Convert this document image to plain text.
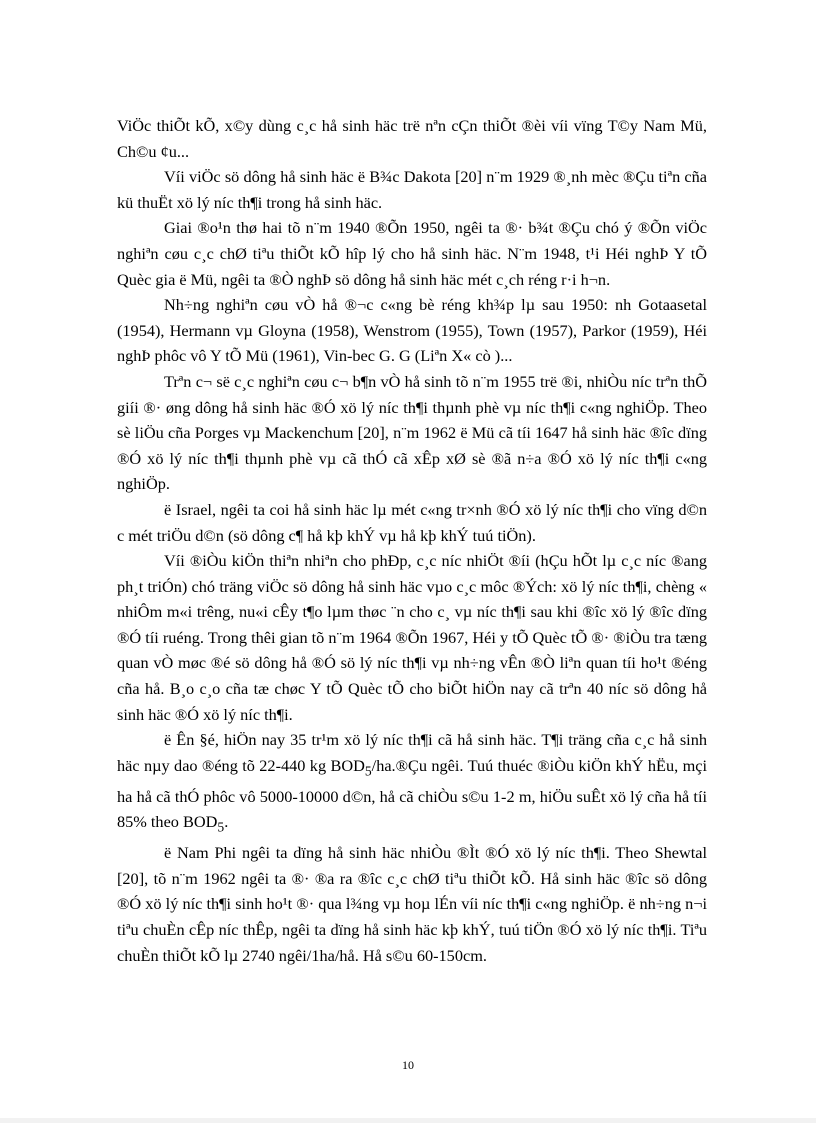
ViÖc thiÕt kÕ, x©y dùng c¸c hå sinh häc trë nªn cÇn thiÕt ®èi víi vïng T©y Nam Mü, Ch©u ¢u...

Víi viÖc sö dông hå sinh häc ë B¾c Dakota [20] n¨m 1929 ®¸nh mèc ®Çu tiªn cña kü thuËt xö lý níc th¶i trong hå sinh häc.

Giai ®o¹n thø hai tõ n¨m 1940 ®Õn 1950, ngêi ta ®· b¾t ®Çu chó ý ®Õn viÖc nghiªn cøu c¸c chØ tiªu thiÕt kÕ hîp lý cho hå sinh häc. N¨m 1948, t¹i Héi nghÞ Y tÕ Quèc gia ë Mü, ngêi ta ®Ò nghÞ sö dông hå sinh häc mét c¸ch réng r·i h¬n.

Nh÷ng nghiªn cøu vÒ hå ®¬c c«ng bè réng kh¾p lµ sau 1950: nh Gotaasetal (1954), Hermann vµ Gloyna (1958), Wenstrom (1955), Town (1957), Parkor (1959), Héi nghÞ phôc vô Y tÕ Mü (1961), Vin-bec G. G (Liªn X« cò )...

Trªn c¬ së c¸c nghiªn cøu c¬ b¶n vÒ hå sinh tõ n¨m 1955 trë ®i, nhiÒu níc trªn thÕ giíi ®· øng dông hå sinh häc ®Ó xö lý níc th¶i thµnh phè vµ níc th¶i c«ng nghiÖp. Theo sè liÖu cña Porges vµ Mackenchum [20], n¨m 1962 ë Mü cã tíi 1647 hå sinh häc ®îc dïng ®Ó xö lý níc th¶i thµnh phè vµ cã thÓ cã xÊp xØ sè ®ã n÷a ®Ó xö lý níc th¶i c«ng nghiÖp.

ë Israel, ngêi ta coi hå sinh häc lµ mét c«ng tr×nh ®Ó xö lý níc th¶i cho vïng d©n c mét triÖu d©n (sö dông c¶ hå kþ khÝ vµ hå kþ khÝ tuú tiÖn).

Víi ®iÒu kiÖn thiªn nhiªn cho phÐp, c¸c níc nhiÖt ®íi (hÇu hÕt lµ c¸c níc ®ang ph¸t triÓn) chó träng viÖc sö dông hå sinh häc vµo c¸c môc ®Ých: xö lý níc th¶i, chèng « nhiÔm m«i trêng, nu«i cÊy t¶o lµm thøc ¨n cho c¸ vµ níc th¶i sau khi ®îc xö lý ®îc dïng ®Ó tíi ruéng. Trong thêi gian tõ n¨m 1964 ®Õn 1967, Héi y tÕ Quèc tÕ ®· ®iÒu tra tæng quan vÒ møc ®é sö dông hå ®Ó sö lý níc th¶i vµ nh÷ng vÊn ®Ò liªn quan tíi ho¹t ®éng cña hå. B¸o c¸o cña tæ chøc Y tÕ Quèc tÕ cho biÕt hiÖn nay cã trªn 40 níc sö dông hå sinh häc ®Ó xö lý níc th¶i.

ë Ên §é, hiÖn nay 35 tr¹m xö lý níc th¶i cã hå sinh häc. T¶i träng cña c¸c hå sinh häc nµy dao ®éng tõ 22-440 kg $BOD_5/ha.®Çu$ ngêi. Tuú thuéc ®iÒu kiÖn khÝ hËu, mçi ha hå cã thÓ phôc vô 5000-10000 d©n, hå cã chiÒu s©u 1-2 m, hiÖu suÊt xö lý cña hå tíi 85% theo $BOD_5$.

ë Nam Phi ngêi ta dïng hå sinh häc nhiÒu ®Ìt ®Ó xö lý níc th¶i. Theo Shewtal [20], tõ n¨m 1962 ngêi ta ®· ®a ra ®îc c¸c chØ tiªu thiÕt kÕ. Hå sinh häc ®îc sö dông ®Ó xö lý níc th¶i sinh ho¹t ®· qua l¾ng vµ hoµ lÉn víi níc th¶i c«ng nghiÖp. ë nh÷ng n¬i tiªu chuÈn cÊp níc thÊp, ngêi ta dïng hå sinh häc kþ khÝ, tuú tiÖn ®Ó xö lý níc th¶i. Tiªu chuÈn thiÕt kÕ lµ 2740 ngêi/1ha/hå. Hå s©u 60-150cm.

10
